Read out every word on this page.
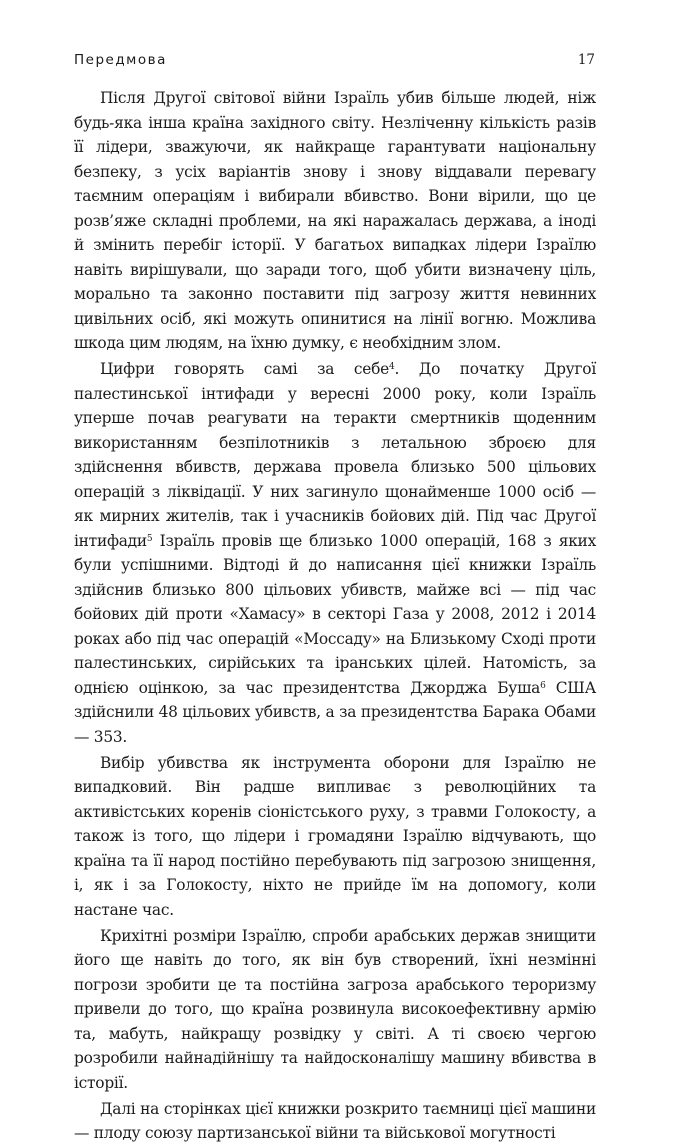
Передмова	17

Після Другої світової війни Ізраїль убив більше людей, ніж будь-яка інша країна західного світу. Незліченну кількість разів її лідери, зважуючи, як найкраще гарантувати національну безпеку, з усіх варіантів знову і знову віддавали перевагу таємним операціям і вибирали вбивство. Вони вірили, що це розв’яже складні проблеми, на які наражалась держава, а іноді й змінить перебіг історії. У багатьох випадках лідери Ізраїлю навіть вирішували, що заради того, щоб убити визначену ціль, морально та законно поставити під загрозу життя невинних цивільних осіб, які можуть опинитися на лінії вогню. Можлива шкода цим людям, на їхню думку, є необхідним злом.

Цифри говорять самі за себе$^4$. До початку Другої палестинської інтифади у вересні 2000 року, коли Ізраїль уперше почав реагувати на теракти смертників щоденним використанням безпілотників з летальною зброєю для здійснення вбивств, держава провела близько 500 цільових операцій з ліквідації. У них загинуло щонайменше 1000 осіб — як мирних жителів, так і учасників бойових дій. Під час Другої інтифади$^5$ Ізраїль провів ще близько 1000 операцій, 168 з яких були успішними. Відтоді й до написання цієї книжки Ізраїль здійснив близько 800 цільових убивств, майже всі — під час бойових дій проти «Хамасу» в секторі Газа у 2008, 2012 і 2014 роках або під час операцій «Моссаду» на Близькому Сході проти палестинських, сирійських та іранських цілей. Натомість, за однією оцінкою, за час президентства Джорджа Буша$^6$ США здійснили 48 цільових убивств, а за президентства Барака Обами — 353.

Вибір убивства як інструмента оборони для Ізраїлю не випадковий. Він радше випливає з революційних та активістських коренів сіоністського руху, з травми Голокосту, а також із того, що лідери і громадяни Ізраїлю відчувають, що країна та її народ постійно перебувають під загрозою знищення, і, як і за Голокосту, ніхто не прийде їм на допомогу, коли настане час.

Крихітні розміри Ізраїлю, спроби арабських держав знищити його ще навіть до того, як він був створений, їхні незмінні погрози зробити це та постійна загроза арабського тероризму привели до того, що країна розвинула високоефективну армію та, мабуть, найкращу розвідку у світі. А ті своєю чергою розробили найнадійнішу та найдосконалішу машину вбивства в історії.

Далі на сторінках цієї книжки розкрито таємниці цієї машини — плоду союзу партизанської війни та військової могутності
